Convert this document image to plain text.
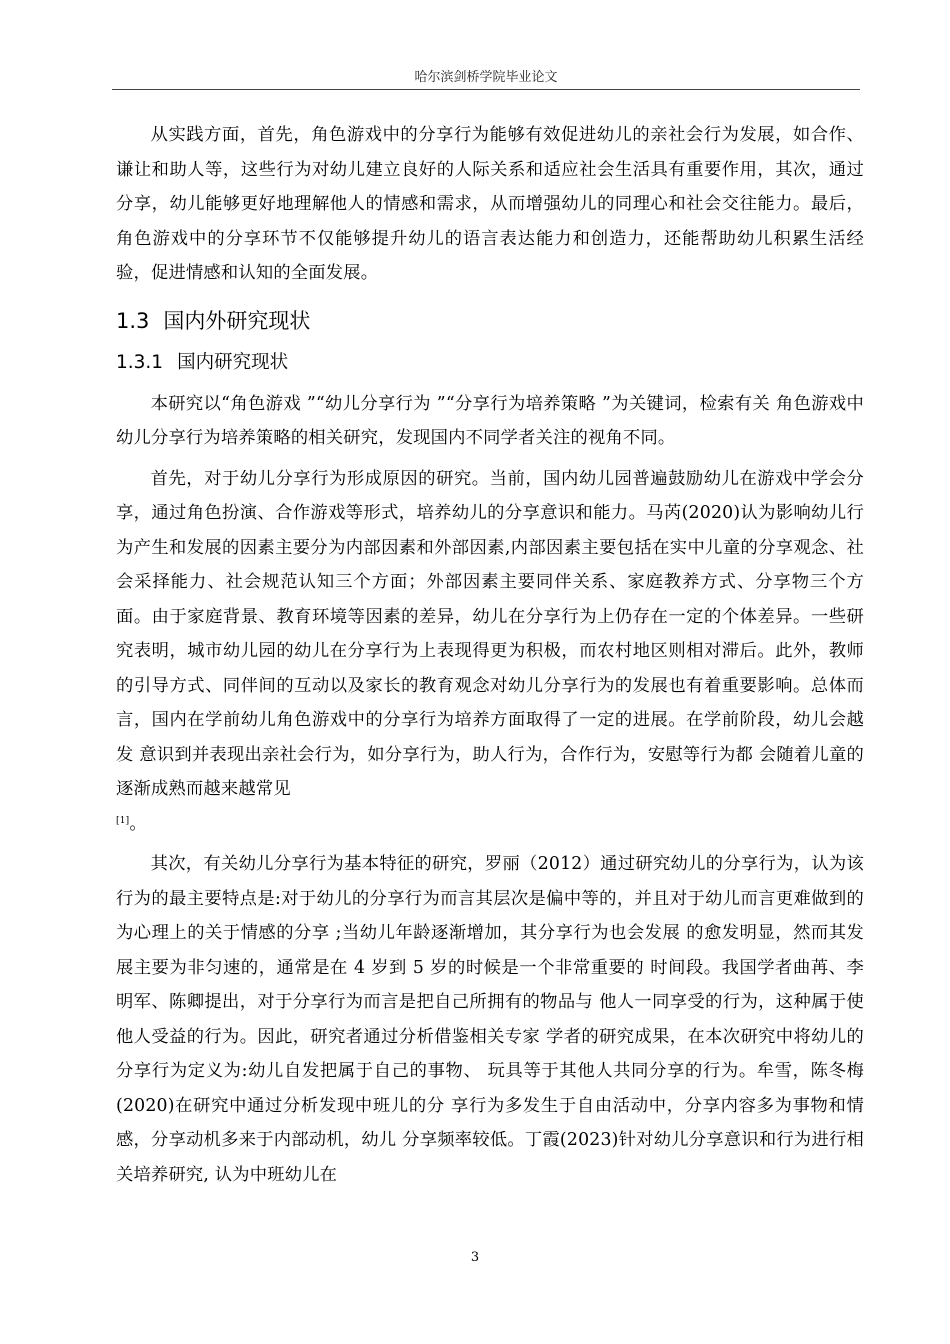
哈尔滨剑桥学院毕业论文

从实践方面，首先，角色游戏中的分享行为能够有效促进幼儿的亲社会行为发展，如合作、谦让和助人等，这些行为对幼儿建立良好的人际关系和适应社会生活具有重要作用，其次，通过分享，幼儿能够更好地理解他人的情感和需求，从而增强幼儿的同理心和社会交往能力。最后，角色游戏中的分享环节不仅能够提升幼儿的语言表达能力和创造力，还能帮助幼儿积累生活经验，促进情感和认知的全面发展。

1.3 国内外研究现状
1.3.1 国内研究现状

本研究以“角色游戏 ”“幼儿分享行为 ”“分享行为培养策略 ”为关键词，检索有关 角色游戏中幼儿分享行为培养策略的相关研究，发现国内不同学者关注的视角不同。

首先，对于幼儿分享行为形成原因的研究。当前，国内幼儿园普遍鼓励幼儿在游戏中学会分享，通过角色扮演、合作游戏等形式，培养幼儿的分享意识和能力。马芮(2020)认为影响幼儿行为产生和发展的因素主要分为内部因素和外部因素,内部因素主要包括在实中儿童的分享观念、社会采择能力、社会规范认知三个方面；外部因素主要同伴关系、家庭教养方式、分享物三个方面。由于家庭背景、教育环境等因素的差异，幼儿在分享行为上仍存在一定的个体差异。一些研究表明，城市幼儿园的幼儿在分享行为上表现得更为积极，而农村地区则相对滞后。此外，教师的引导方式、同伴间的互动以及家长的教育观念对幼儿分享行为的发展也有着重要影响。总体而言，国内在学前幼儿角色游戏中的分享行为培养方面取得了一定的进展。在学前阶段，幼儿会越发 意识到并表现出亲社会行为，如分享行为，助人行为，合作行为，安慰等行为都 会随着儿童的逐渐成熟而越来越常见
[1]。

其次，有关幼儿分享行为基本特征的研究，罗丽（2012）通过研究幼儿的分享行为，认为该行为的最主要特点是:对于幼儿的分享行为而言其层次是偏中等的，并且对于幼儿而言更难做到的为心理上的关于情感的分享 ;当幼儿年龄逐渐增加，其分享行为也会发展 的愈发明显，然而其发展主要为非匀速的，通常是在 4 岁到 5 岁的时候是一个非常重要的 时间段。我国学者曲苒、李明军、陈卿提出，对于分享行为而言是把自己所拥有的物品与 他人一同享受的行为，这种属于使他人受益的行为。因此，研究者通过分析借鉴相关专家 学者的研究成果，在本次研究中将幼儿的分享行为定义为:幼儿自发把属于自己的事物、 玩具等于其他人共同分享的行为。牟雪，陈冬梅(2020)在研究中通过分析发现中班儿的分 享行为多发生于自由活动中，分享内容多为事物和情感，分享动机多来于内部动机，幼儿 分享频率较低。丁霞(2023)针对幼儿分享意识和行为进行相关培养研究, 认为中班幼儿在

3
